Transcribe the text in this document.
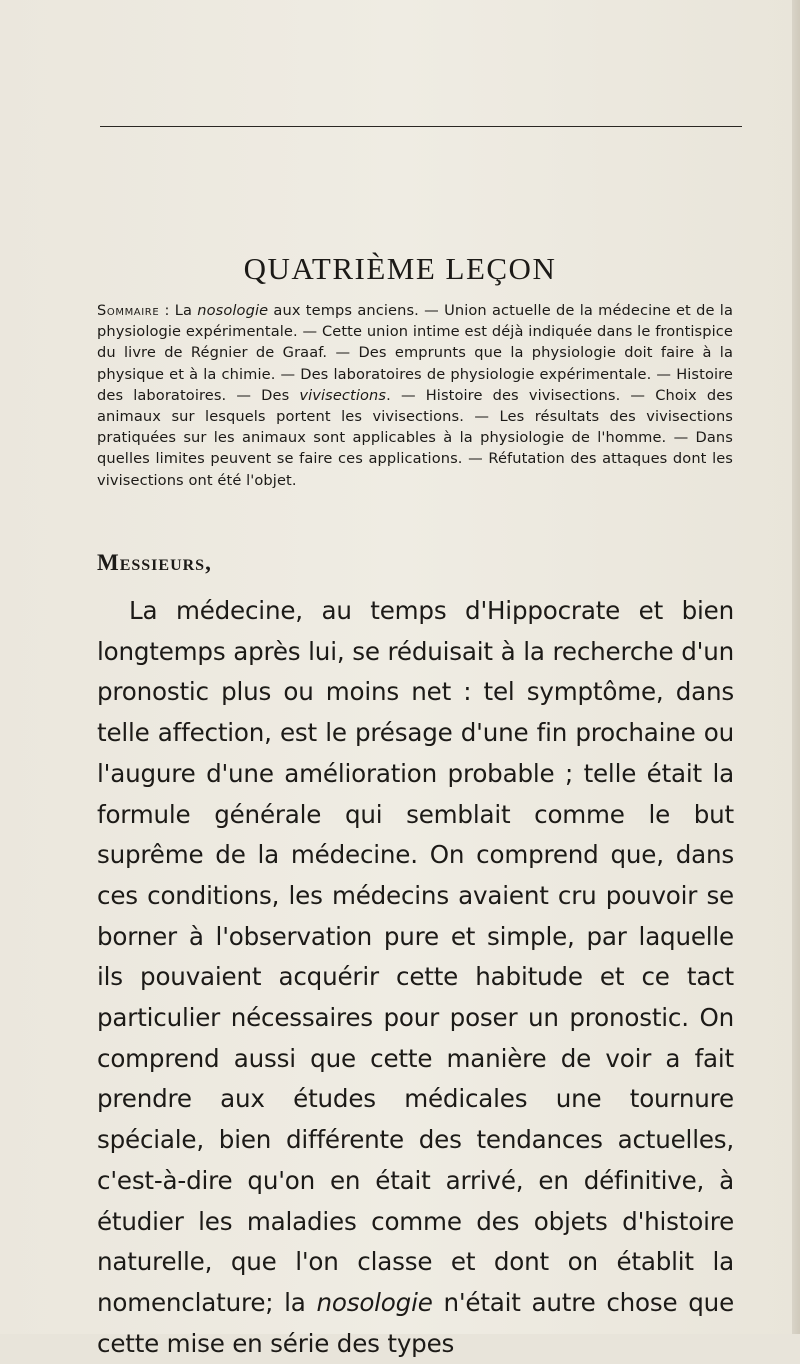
QUATRIÈME LEÇON

Sommaire : La nosologie aux temps anciens. — Union actuelle de la médecine et de la physiologie expérimentale. — Cette union intime est déjà indiquée dans le frontispice du livre de Régnier de Graaf. — Des emprunts que la physiologie doit faire à la physique et à la chimie. — Des laboratoires de physiologie expérimentale. — Histoire des laboratoires. — Des vivisections. — Histoire des vivisections. — Choix des animaux sur lesquels portent les vivisections. — Les résultats des vivisections pratiquées sur les animaux sont applicables à la physiologie de l'homme. — Dans quelles limites peuvent se faire ces applications. — Réfutation des attaques dont les vivisections ont été l'objet.

Messieurs,

La médecine, au temps d'Hippocrate et bien longtemps après lui, se réduisait à la recherche d'un pronostic plus ou moins net : tel symptôme, dans telle affection, est le présage d'une fin prochaine ou l'augure d'une amélioration probable ; telle était la formule générale qui semblait comme le but suprême de la médecine. On comprend que, dans ces conditions, les médecins avaient cru pouvoir se borner à l'observation pure et simple, par laquelle ils pouvaient acquérir cette habitude et ce tact particulier nécessaires pour poser un pronostic. On comprend aussi que cette manière de voir a fait prendre aux études médicales une tournure spéciale, bien différente des tendances actuelles, c'est-à-dire qu'on en était arrivé, en définitive, à étudier les maladies comme des objets d'histoire naturelle, que l'on classe et dont on établit la nomenclature; la nosologie n'était autre chose que cette mise en série des types
